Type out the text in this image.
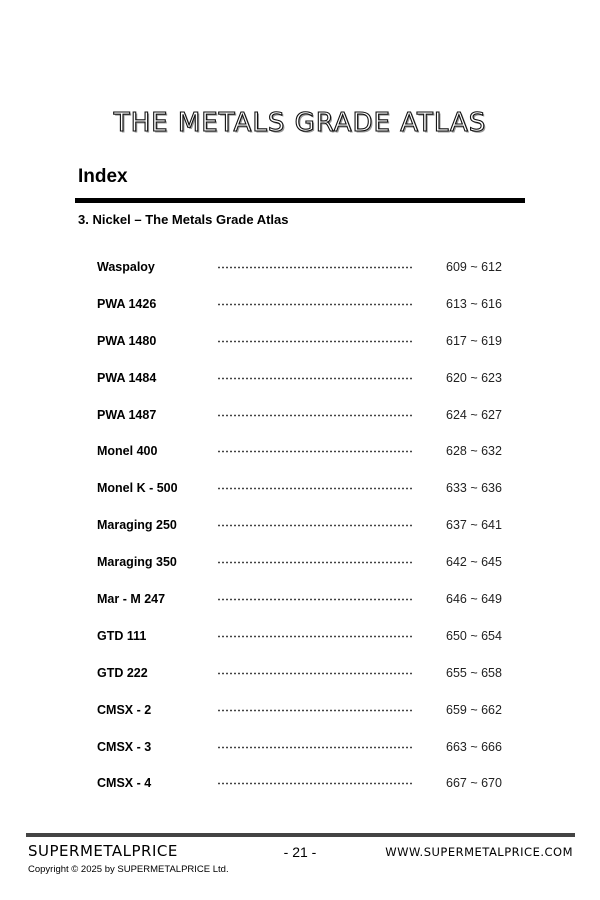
THE METALS GRADE ATLAS
Index
3. Nickel – The Metals Grade Atlas
Waspaloy	609 ~ 612
PWA 1426	613 ~ 616
PWA 1480	617 ~ 619
PWA 1484	620 ~ 623
PWA 1487	624 ~ 627
Monel 400	628 ~ 632
Monel K - 500	633 ~ 636
Maraging 250	637 ~ 641
Maraging 350	642 ~ 645
Mar - M 247	646 ~ 649
GTD 111	650 ~ 654
GTD 222	655 ~ 658
CMSX - 2	659 ~ 662
CMSX - 3	663 ~ 666
CMSX - 4	667 ~ 670
SUPERMETALPRICE	- 21 -	WWW.SUPERMETALPRICE.COM
Copyright © 2025 by SUPERMETALPRICE Ltd.
